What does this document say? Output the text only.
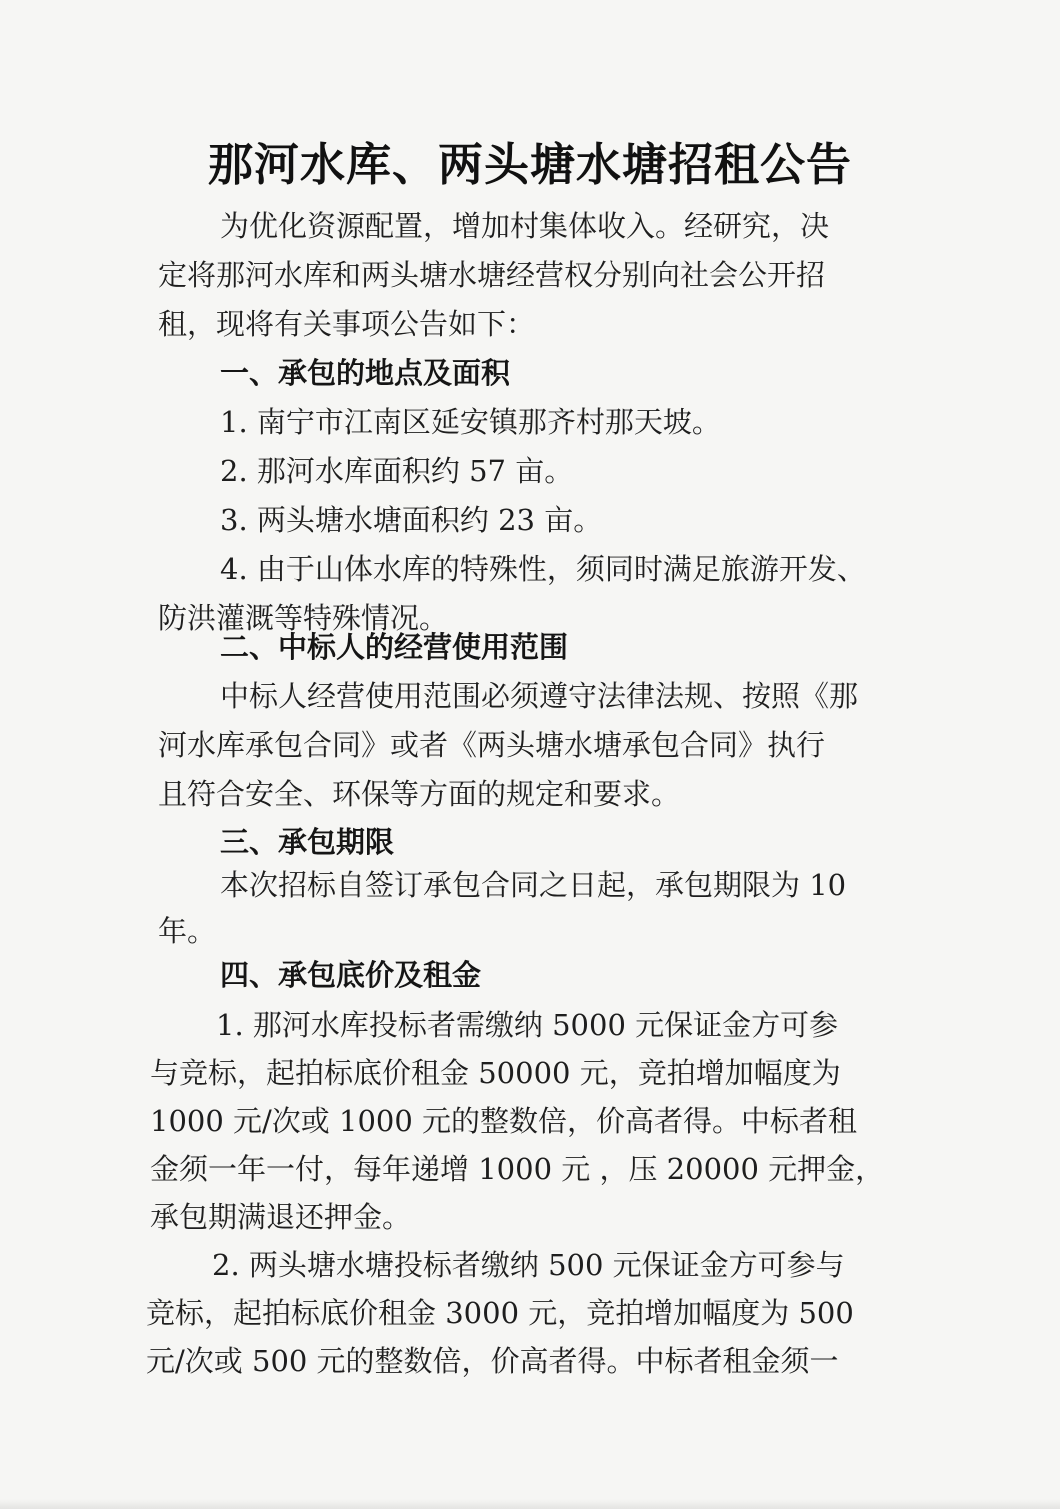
那河水库、两头塘水塘招租公告
为优化资源配置，增加村集体收入。经研究，决
定将那河水库和两头塘水塘经营权分别向社会公开招
租，现将有关事项公告如下：
一、承包的地点及面积
1. 南宁市江南区延安镇那齐村那天坡。
2. 那河水库面积约 57 亩。
3. 两头塘水塘面积约 23 亩。
4. 由于山体水库的特殊性，须同时满足旅游开发、
防洪灌溉等特殊情况。
二、中标人的经营使用范围
中标人经营使用范围必须遵守法律法规、按照《那
河水库承包合同》或者《两头塘水塘承包合同》执行
且符合安全、环保等方面的规定和要求。
三、承包期限
本次招标自签订承包合同之日起，承包期限为 10
年。
四、承包底价及租金
1. 那河水库投标者需缴纳 5000 元保证金方可参
与竞标，起拍标底价租金 50000 元，竞拍增加幅度为
1000 元/次或 1000 元的整数倍，价高者得。中标者租
金须一年一付，每年递增 1000 元 ，压 20000 元押金，
承包期满退还押金。
2. 两头塘水塘投标者缴纳 500 元保证金方可参与
竞标，起拍标底价租金 3000 元，竞拍增加幅度为 500
元/次或 500 元的整数倍，价高者得。中标者租金须一
